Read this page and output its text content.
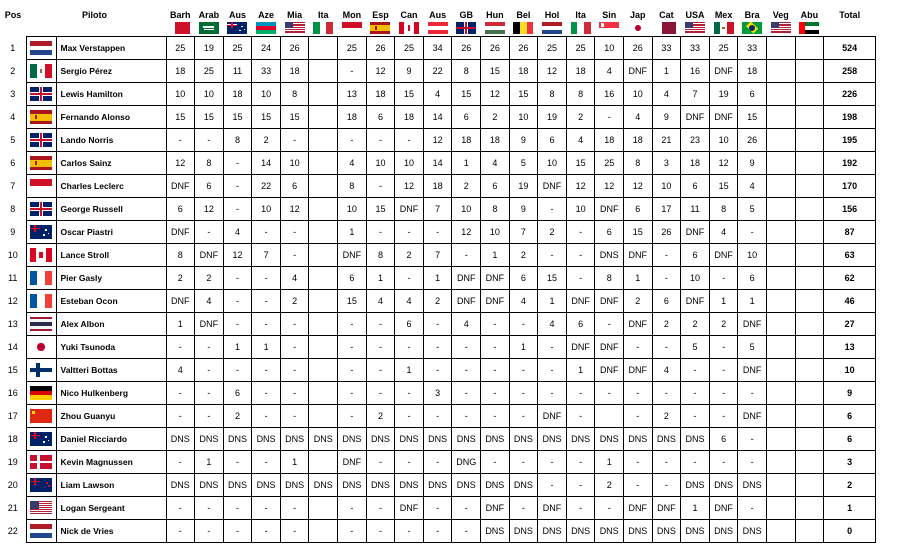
Pos		Piloto	Barh	Arab	Aus	Aze	Mia	Ita	Mon	Esp	Can	Aus	GB	Hun	Bel	Hol	Ita	Sin	Jap	Cat	USA	Mex	Bra	Veg	Abu	Total
1		Max Verstappen	25	19	25	24	26		25	26	25	34	26	26	26	25	25	10	26	33	33	25	33			524
2		Sergio Pérez	18	25	11	33	18		-	12	9	22	8	15	18	12	18	4	DNF	1	16	DNF	18			258
3		Lewis Hamilton	10	10	18	10	8		13	18	15	4	15	12	15	8	8	16	10	4	7	19	6			226
4		Fernando Alonso	15	15	15	15	15		18	6	18	14	6	2	10	19	2	-	4	9	DNF	DNF	15			198
5		Lando Norris	-	-	8	2	-		-	-	-	12	18	18	9	6	4	18	18	21	23	10	26			195
6		Carlos Sainz	12	8	-	14	10		4	10	10	14	1	4	5	10	15	25	8	3	18	12	9			192
7		Charles Leclerc	DNF	6	-	22	6		8	-	12	18	2	6	19	DNF	12	12	12	10	6	15	4			170
8		George Russell	6	12	-	10	12		10	15	DNF	7	10	8	9	-	10	DNF	6	17	11	8	5			156
9		Oscar Piastri	DNF	-	4	-	-		1	-	-	-	12	10	7	2	-	6	15	26	DNF	4	-			87
10		Lance Stroll	8	DNF	12	7	-		DNF	8	2	7	-	1	2	-	-	DNS	DNF	-	6	DNF	10			63
11		Pier Gasly	2	2	-	-	4		6	1	-	1	DNF	DNF	6	15	-	8	1	-	10	-	6			62
12		Esteban Ocon	DNF	4	-	-	2		15	4	4	2	DNF	DNF	4	1	DNF	DNF	2	6	DNF	1	1			46
13		Alex Albon	1	DNF	-	-	-		-	-	6	-	4	-	-	4	6	-	DNF	2	2	2	DNF			27
14		Yuki Tsunoda	-	-	1	1	-		-	-	-	-	-	-	1	-	DNF	DNF	-	-	5	-	5			13
15		Valtteri Bottas	4	-	-	-	-		-	-	1	-	-	-	-	-	1	DNF	DNF	4	-	-	DNF			10
16		Nico Hulkenberg	-	-	6	-	-		-	-	-	3	-	-	-	-	-	-	-	-	-	-	-			9
17		Zhou Guanyu	-	-	2	-	-		-	2	-	-	-	-	-	DNF	-		-	2	-	-	DNF			6
18		Daniel Ricciardo	DNS	DNS	DNS	DNS	DNS	DNS	DNS	DNS	DNS	DNS	DNS	DNS	DNS	DNS	DNS	DNS	DNS	DNS	DNS	6	-			6
19		Kevin Magnussen	-	1	-	-	1		DNF	-	-	-	DNG	-	-	-	-	1	-	-	-	-	-			3
20		Liam Lawson	DNS	DNS	DNS	DNS	DNS	DNS	DNS	DNS	DNS	DNS	DNS	DNS	DNS	-	-	2	-	-	DNS	DNS	DNS			2
21		Logan Sergeant	-	-	-	-	-		-	-	DNF	-	-	DNF	-	DNF	-	-	DNF	DNF	1	DNF	-			1
22		Nick de Vries	-	-	-	-	-		-	-	-	-	-	DNS	DNS	DNS	DNS	DNS	DNS	DNS	DNS	DNS	DNS			0
